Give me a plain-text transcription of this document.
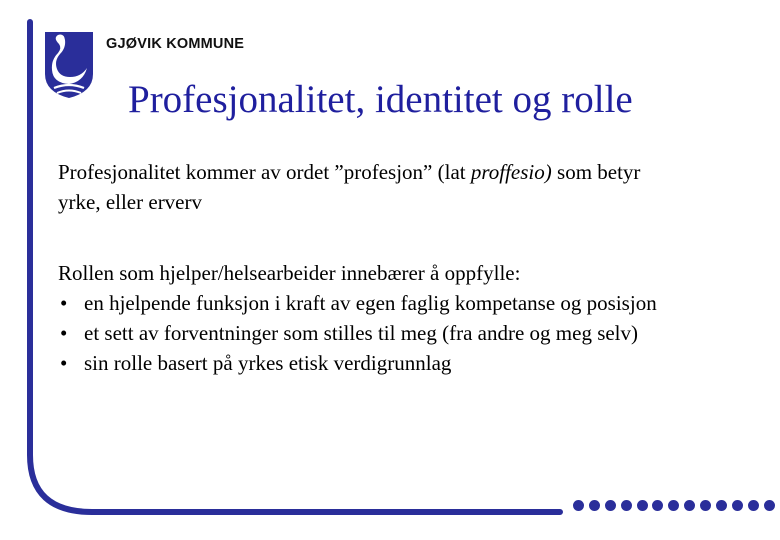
GJØVIK KOMMUNE
Profesjonalitet, identitet og rolle
Profesjonalitet kommer av ordet ”profesjon” (lat proffesio) som betyr
yrke, eller erverv
Rollen som hjelper/helsearbeider innebærer å oppfylle:
• en hjelpende funksjon i kraft av egen faglig kompetanse og posisjon
• et sett av forventninger som stilles til meg (fra andre og meg selv)
• sin rolle basert på yrkes etisk verdigrunnlag
